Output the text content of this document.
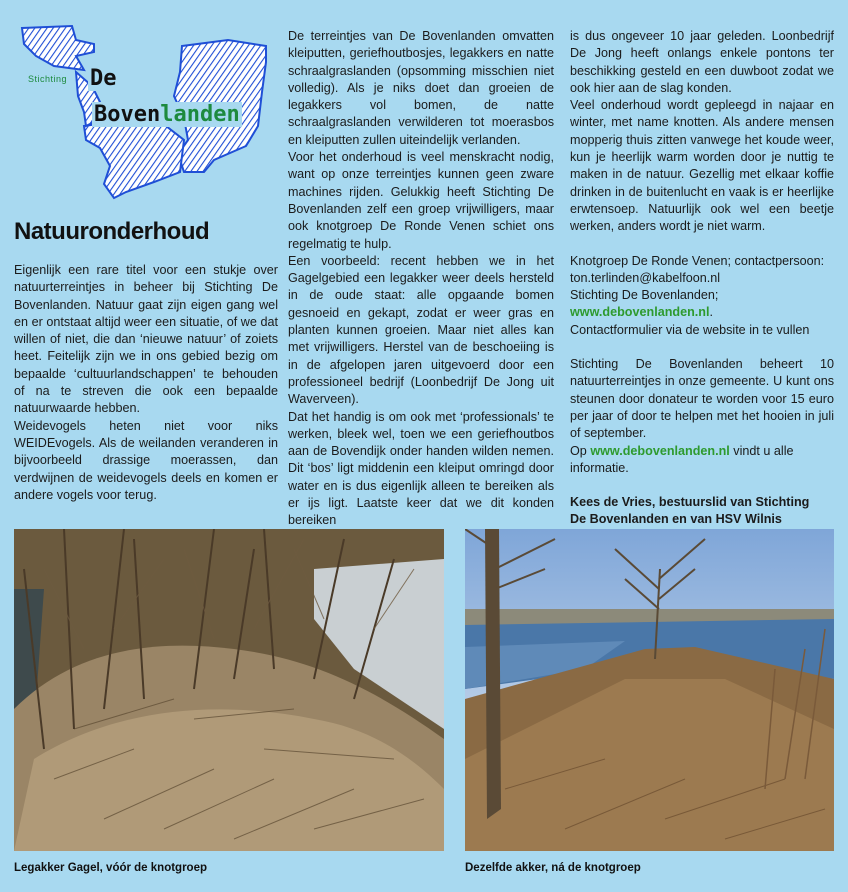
Stichting De
Bovenlanden
Natuuronderhoud

Eigenlijk een rare titel voor een stukje over natuurterreintjes in beheer bij Stichting De Bovenlanden. Natuur gaat zijn eigen gang wel en er ontstaat altijd weer een situatie, of we dat willen of niet, die dan ‘nieuwe natuur’ of zoiets heet. Feitelijk zijn we in ons gebied bezig om bepaalde ‘cultuurlandschappen’ te behouden of na te streven die ook een bepaalde natuurwaarde hebben.

Weidevogels heten niet voor niks WEIDEvogels. Als de weilanden veranderen in bijvoorbeeld drassige moerassen, dan verdwijnen de weidevogels deels en komen er andere vogels voor terug.

De terreintjes van De Bovenlanden omvatten kleiputten, geriefhoutbosjes, legakkers en natte schraalgraslanden (opsomming misschien niet volledig). Als je niks doet dan groeien de legakkers vol bomen, de natte schraalgraslanden verwilderen tot moerasbos en kleiputten zullen uiteindelijk verlanden.

Voor het onderhoud is veel menskracht nodig, want op onze terreintjes kunnen geen zware machines rijden. Gelukkig heeft Stichting De Bovenlanden zelf een groep vrijwilligers, maar ook knotgroep De Ronde Venen schiet ons regelmatig te hulp.

Een voorbeeld: recent hebben we in het Gagelgebied een legakker weer deels hersteld in de oude staat: alle opgaande bomen gesnoeid en gekapt, zodat er weer gras en planten kunnen groeien. Maar niet alles kan met vrijwilligers. Herstel van de beschoeiing is in de afgelopen jaren uitgevoerd door een professioneel bedrijf (Loonbedrijf De Jong uit Waverveen).

Dat het handig is om ook met ‘professionals’ te werken, bleek wel, toen we een geriefhoutbos aan de Bovendijk onder handen wilden nemen. Dit ‘bos’ ligt middenin een kleiput omringd door water en is dus eigenlijk alleen te bereiken als er ijs ligt. Laatste keer dat we dit konden bereiken

is dus ongeveer 10 jaar geleden. Loonbedrijf De Jong heeft onlangs enkele pontons ter beschikking gesteld en een duwboot zodat we ook hier aan de slag konden.

Veel onderhoud wordt gepleegd in najaar en winter, met name knotten. Als andere mensen mopperig thuis zitten vanwege het koude weer, kun je heerlijk warm worden door je nuttig te maken in de natuur. Gezellig met elkaar koffie drinken in de buitenlucht en vaak is er heerlijke erwtensoep. Natuurlijk ook wel een beetje werken, anders wordt je niet warm.

Knotgroep De Ronde Venen; contactpersoon:

ton.terlinden@kabelfoon.nl

Stichting De Bovenlanden; www.debovenlanden.nl.

Contactformulier via de website in te vullen

Stichting De Bovenlanden beheert 10 natuurterreintjes in onze gemeente. U kunt ons steunen door donateur te worden voor 15 euro per jaar of door te helpen met het hooien in juli of september.

Op www.debovenlanden.nl vindt u alle informatie.

Kees de Vries, bestuurslid van Stichting

De Bovenlanden en van HSV Wilnis

Legakker Gagel, vóór de knotgroep	Dezelfde akker, ná de knotgroep
